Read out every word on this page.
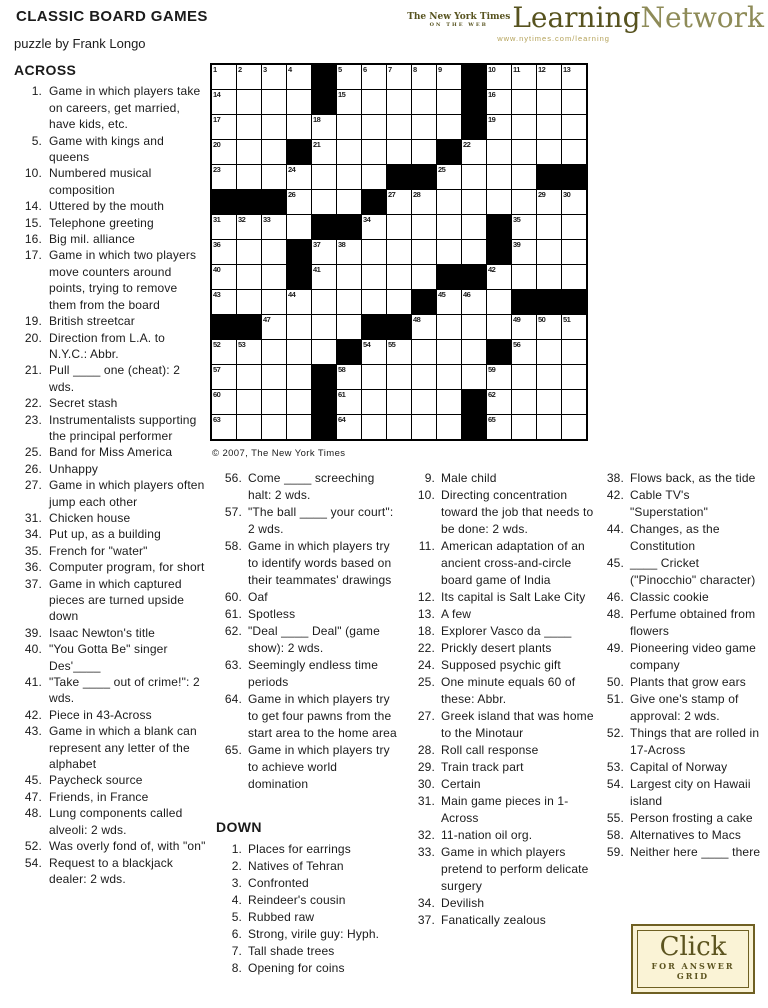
CLASSIC BOARD GAMES
puzzle by Frank Longo
The New York Times
ON THE WEB Learning Network
www.nytimes.com/learning
1	2	3	4	5	6	7	8	9	10 11 12 13
14	15	16
17	18	19
20	21	22
23	24	25
26	27 28	29 30
31 32 33	34	35
36	37 38	39
40	41	42
43	44	45 46
47	48	49 50 51
52 53	54 55	56
57	58	59
60	61	62
63	64	65
© 2007, The New York Times
ACROSS
1. Game in which players take on careers, get married, have kids, etc.
5. Game with kings and queens
10. Numbered musical composition
14. Uttered by the mouth
15. Telephone greeting
16. Big mil. alliance
17. Game in which two players move counters around points, trying to remove them from the board
19. British streetcar
20. Direction from L.A. to N.Y.C.: Abbr.
21. Pull ____ one (cheat): 2 wds.
22. Secret stash
23. Instrumentalists supporting the principal performer
25. Band for Miss America
26. Unhappy
27. Game in which players often jump each other
31. Chicken house
34. Put up, as a building
35. French for "water"
36. Computer program, for short
37. Game in which captured pieces are turned upside down
39. Isaac Newton's title
40. "You Gotta Be" singer Des'____
41. "Take ____ out of crime!": 2 wds.
42. Piece in 43-Across
43. Game in which a blank can represent any letter of the alphabet
45. Paycheck source
47. Friends, in France
48. Lung components called alveoli: 2 wds.
52. Was overly fond of, with "on"
54. Request to a blackjack dealer: 2 wds.
56. Come ____ screeching halt: 2 wds.
57. "The ball ____ your court": 2 wds.
58. Game in which players try to identify words based on their teammates' drawings
60. Oaf
61. Spotless
62. "Deal ____ Deal" (game show): 2 wds.
63. Seemingly endless time periods
64. Game in which players try to get four pawns from the start area to the home area
65. Game in which players try to achieve world domination
DOWN
1. Places for earrings
2. Natives of Tehran
3. Confronted
4. Reindeer's cousin
5. Rubbed raw
6. Strong, virile guy: Hyph.
7. Tall shade trees
8. Opening for coins
9. Male child
10. Directing concentration toward the job that needs to be done: 2 wds.
11. American adaptation of an ancient cross-and-circle board game of India
12. Its capital is Salt Lake City
13. A few
18. Explorer Vasco da ____
22. Prickly desert plants
24. Supposed psychic gift
25. One minute equals 60 of these: Abbr.
27. Greek island that was home to the Minotaur
28. Roll call response
29. Train track part
30. Certain
31. Main game pieces in 1-Across
32. 11-nation oil org.
33. Game in which players pretend to perform delicate surgery
34. Devilish
37. Fanatically zealous
38. Flows back, as the tide
42. Cable TV's "Superstation"
44. Changes, as the Constitution
45. ____ Cricket ("Pinocchio" character)
46. Classic cookie
48. Perfume obtained from flowers
49. Pioneering video game company
50. Plants that grow ears
51. Give one's stamp of approval: 2 wds.
52. Things that are rolled in 17-Across
53. Capital of Norway
54. Largest city on Hawaii island
55. Person frosting a cake
58. Alternatives to Macs
59. Neither here ____ there
Click
FOR ANSWER
GRID
